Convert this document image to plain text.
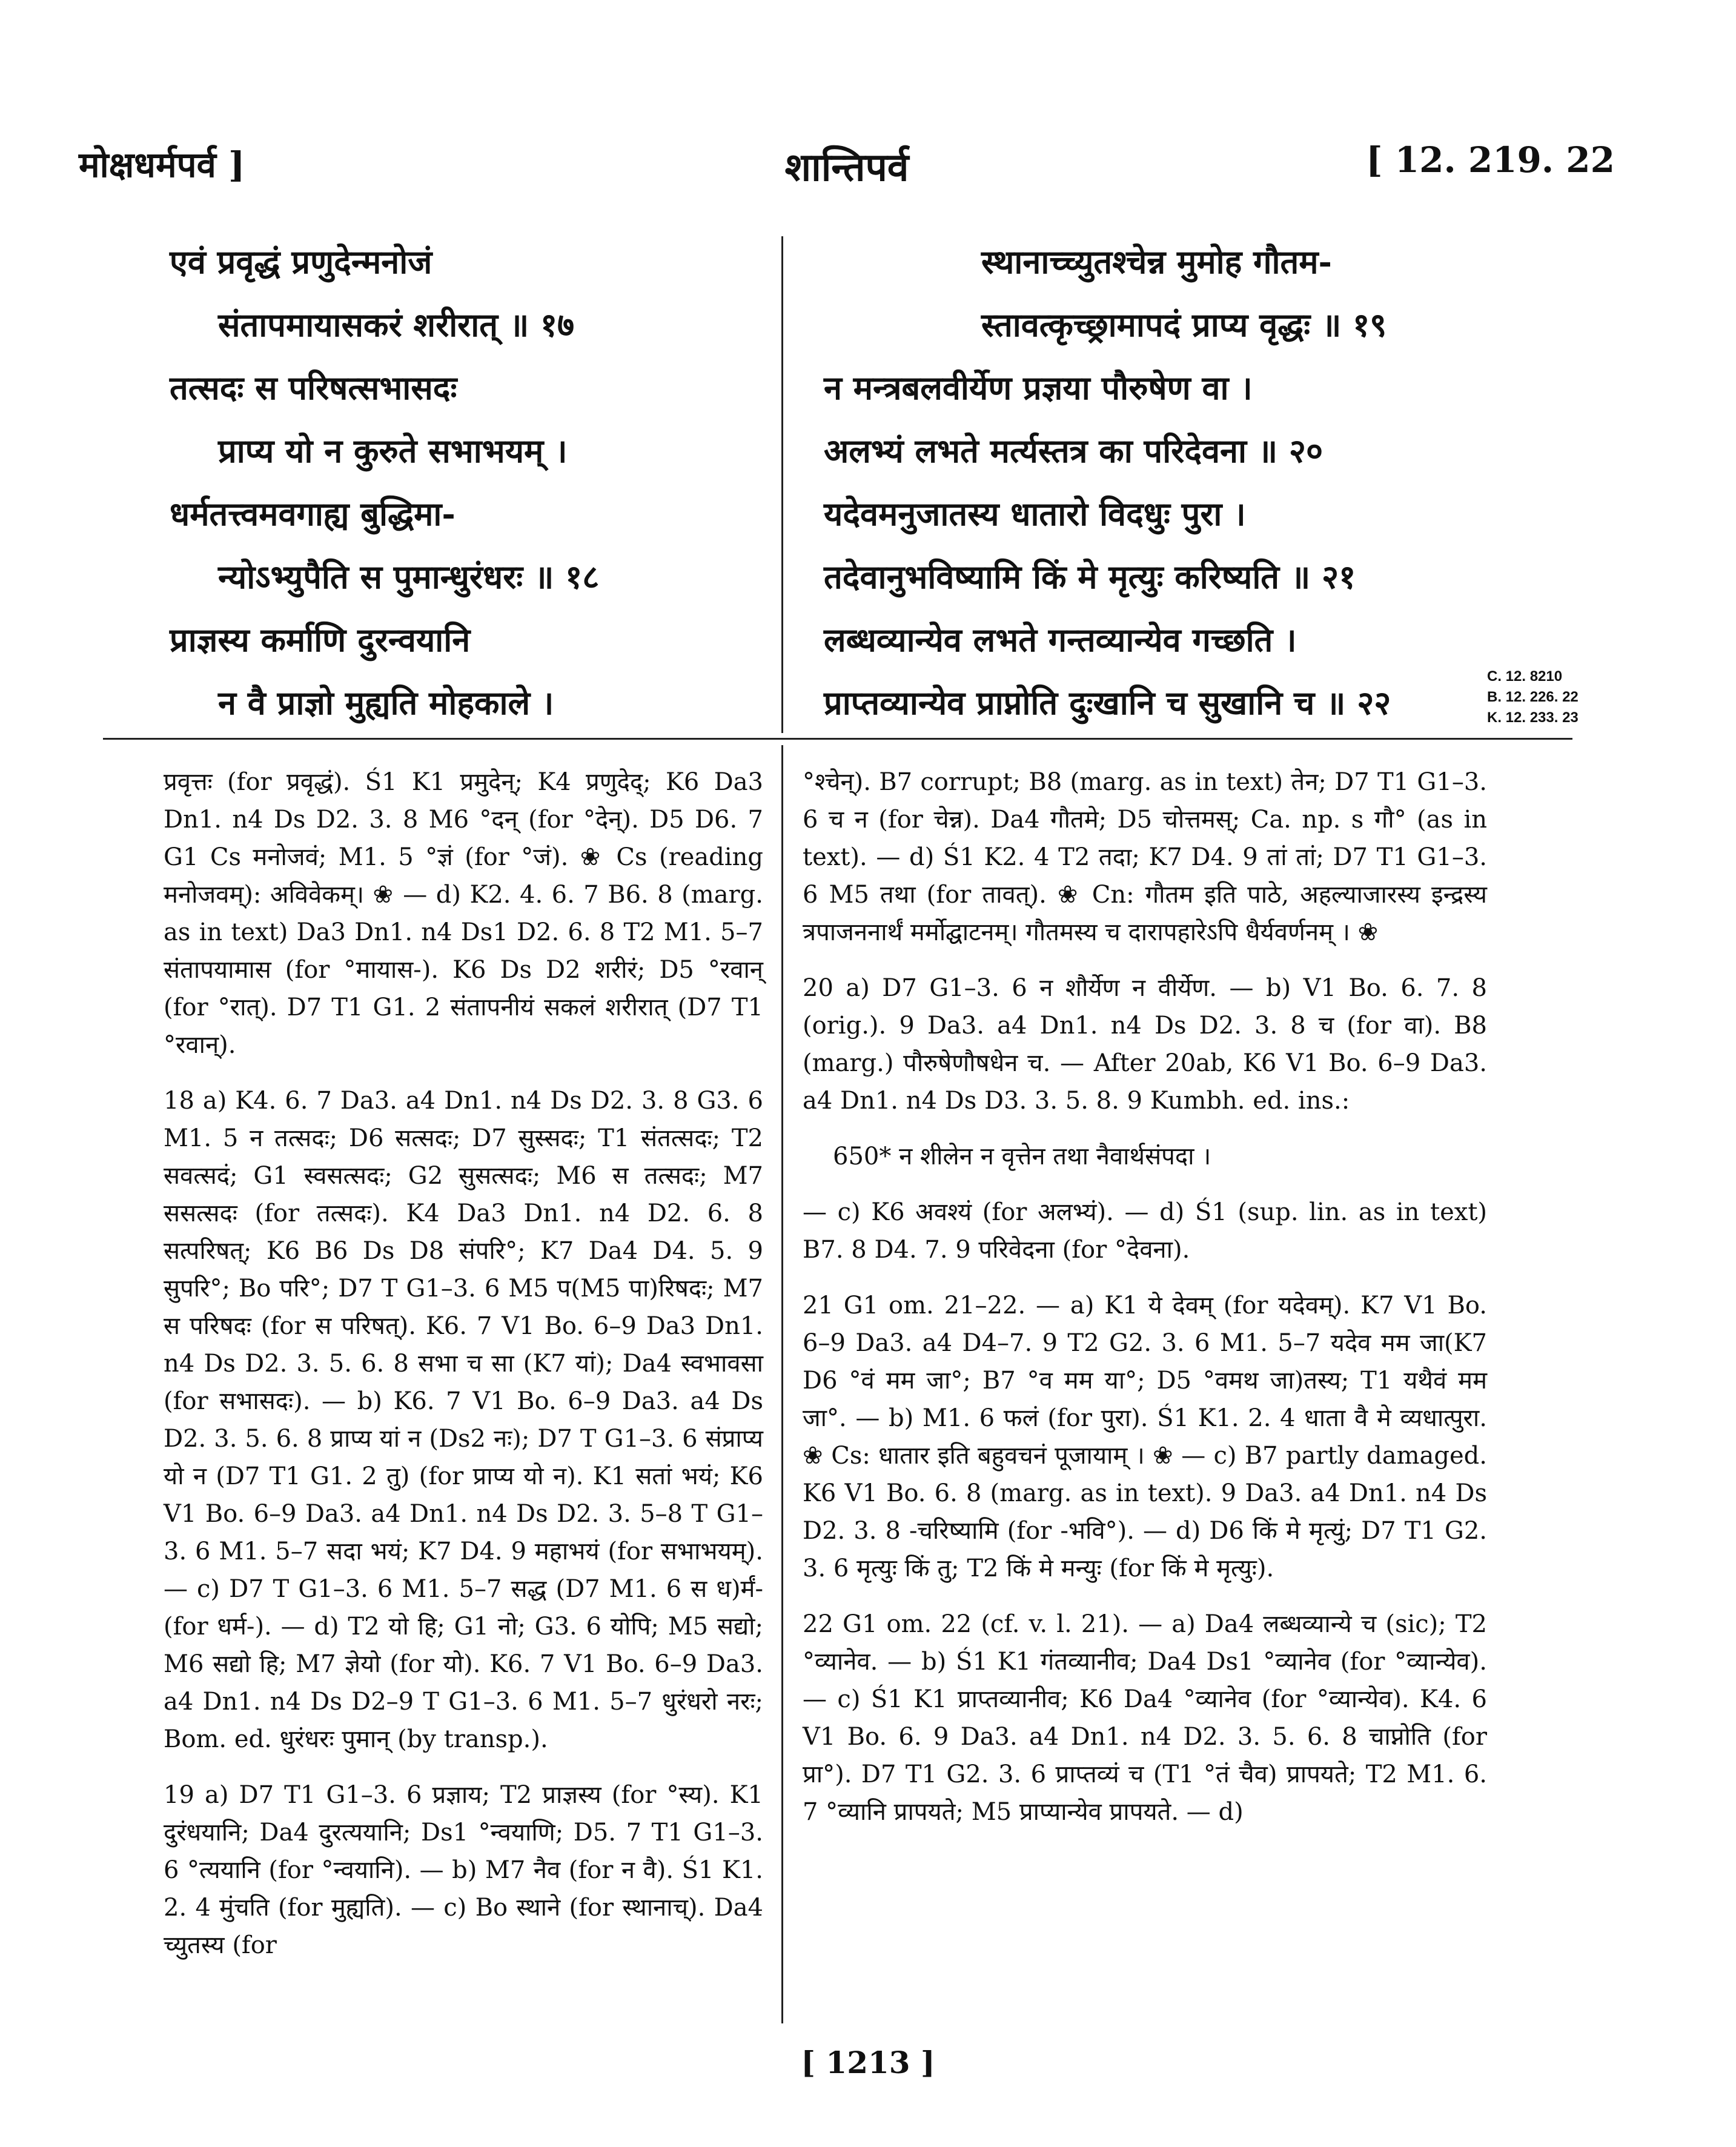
मोक्षधर्मपर्व ]	शान्तिपर्व	[ 12. 219. 22
एवं प्रवृद्धं प्रणुदेन्मनोजं
संतापमायासकरं शरीरात् ॥ १७
तत्सदः स परिषत्सभासदः
प्राप्य यो न कुरुते सभाभयम् ।
धर्मतत्त्वमवगाह्य बुद्धिमा-
न्योऽभ्युपैति स पुमान्धुरंधरः ॥ १८
प्राज्ञस्य कर्माणि दुरन्वयानि
न वै प्राज्ञो मुह्यति मोहकाले ।
स्थानाच्च्युतश्चेन्न मुमोह गौतम-
स्तावत्कृच्छ्रामापदं प्राप्य वृद्धः ॥ १९
न मन्त्रबलवीर्येण प्रज्ञया पौरुषेण वा ।
अलभ्यं लभते मर्त्यस्तत्र का परिदेवना ॥ २०
यदेवमनुजातस्य धातारो विदधुः पुरा ।
तदेवानुभविष्यामि किं मे मृत्युः करिष्यति ॥ २१
लब्धव्यान्येव लभते गन्तव्यान्येव गच्छति ।
प्राप्तव्यान्येव प्राप्नोति दुःखानि च सुखानि च ॥ २२
C. 12. 8210
B. 12. 226. 22
K. 12. 233. 23

प्रवृत्तः (for प्रवृद्धं). Ś1 K1 प्रमुदेन्; K4 प्रणुदेद्; K6 Da3 Dn1. n4 Ds D2. 3. 8 M6 °दन् (for °देन्). D5 D6. 7 G1 Cs मनोजवं; M1. 5 °ज्ञं (for °जं). ❀ Cs (reading मनोजवम्): अविवेकम्। ❀ — d) K2. 4. 6. 7 B6. 8 (marg. as in text) Da3 Dn1. n4 Ds1 D2. 6. 8 T2 M1. 5–7 संतापयामास (for °मायास-). K6 Ds D2 शरीरं; D5 °रवान् (for °रात्). D7 T1 G1. 2 संतापनीयं सकलं शरीरात् (D7 T1 °रवान्).

18 a) K4. 6. 7 Da3. a4 Dn1. n4 Ds D2. 3. 8 G3. 6 M1. 5 न तत्सदः; D6 सत्सदः; D7 सुस्सदः; T1 संतत्सदः; T2 सवत्सदं; G1 स्वसत्सदः; G2 सुसत्सदः; M6 स तत्सदः; M7 ससत्सदः (for तत्सदः). K4 Da3 Dn1. n4 D2. 6. 8 सत्परिषत्; K6 B6 Ds D8 संपरि°; K7 Da4 D4. 5. 9 सुपरि°; Bo परि°; D7 T G1–3. 6 M5 प(M5 पा)रिषदः; M7 स परिषदः (for स परिषत्). K6. 7 V1 Bo. 6–9 Da3 Dn1. n4 Ds D2. 3. 5. 6. 8 सभा च सा (K7 यां); Da4 स्वभावसा (for सभासदः). — b) K6. 7 V1 Bo. 6–9 Da3. a4 Ds D2. 3. 5. 6. 8 प्राप्य यां न (Ds2 नः); D7 T G1–3. 6 संप्राप्य यो न (D7 T1 G1. 2 तु) (for प्राप्य यो न). K1 सतां भयं; K6 V1 Bo. 6–9 Da3. a4 Dn1. n4 Ds D2. 3. 5–8 T G1–3. 6 M1. 5–7 सदा भयं; K7 D4. 9 महाभयं (for सभाभयम्). — c) D7 T G1–3. 6 M1. 5–7 सद्ध (D7 M1. 6 स ध)र्मं- (for धर्म-). — d) T2 यो हि; G1 नो; G3. 6 योपि; M5 सद्यो; M6 सद्यो हि; M7 ज्ञेयो (for यो). K6. 7 V1 Bo. 6–9 Da3. a4 Dn1. n4 Ds D2–9 T G1–3. 6 M1. 5–7 धुरंधरो नरः; Bom. ed. धुरंधरः पुमान् (by transp.).

19 a) D7 T1 G1–3. 6 प्रज्ञाय; T2 प्राज्ञस्य (for °स्य). K1 दुरंधयानि; Da4 दुरत्ययानि; Ds1 °न्वयाणि; D5. 7 T1 G1–3. 6 °त्ययानि (for °न्वयानि). — b) M7 नैव (for न वै). Ś1 K1. 2. 4 मुंचति (for मुह्यति). — c) Bo स्थाने (for स्थानाच्). Da4 च्युतस्य (for

°श्चेन्). B7 corrupt; B8 (marg. as in text) तेन; D7 T1 G1–3. 6 च न (for चेन्न). Da4 गौतमे; D5 चोत्तमस्; Ca. np. s गौ° (as in text). — d) Ś1 K2. 4 T2 तदा; K7 D4. 9 तां तां; D7 T1 G1–3. 6 M5 तथा (for तावत्). ❀ Cn: गौतम इति पाठे, अहल्याजारस्य इन्द्रस्य त्रपाजननार्थं मर्मोद्घाटनम्। गौतमस्य च दारापहारेऽपि धैर्यवर्णनम् । ❀

20 a) D7 G1–3. 6 न शौर्येण न वीर्येण. — b) V1 Bo. 6. 7. 8 (orig.). 9 Da3. a4 Dn1. n4 Ds D2. 3. 8 च (for वा). B8 (marg.) पौरुषेणौषधेन च. — After 20ab, K6 V1 Bo. 6–9 Da3. a4 Dn1. n4 Ds D3. 3. 5. 8. 9 Kumbh. ed. ins.:

650* न शीलेन न वृत्तेन तथा नैवार्थसंपदा ।

— c) K6 अवश्यं (for अलभ्यं). — d) Ś1 (sup. lin. as in text) B7. 8 D4. 7. 9 परिवेदना (for °देवना).

21 G1 om. 21–22. — a) K1 ये देवम् (for यदेवम्). K7 V1 Bo. 6–9 Da3. a4 D4–7. 9 T2 G2. 3. 6 M1. 5–7 यदेव मम जा(K7 D6 °वं मम जा°; B7 °व मम या°; D5 °वमथ जा)तस्य; T1 यथैवं मम जा°. — b) M1. 6 फलं (for पुरा). Ś1 K1. 2. 4 धाता वै मे व्यधात्पुरा. ❀ Cs: धातार इति बहुवचनं पूजायाम् । ❀ — c) B7 partly damaged. K6 V1 Bo. 6. 8 (marg. as in text). 9 Da3. a4 Dn1. n4 Ds D2. 3. 8 -चरिष्यामि (for -भवि°). — d) D6 किं मे मृत्युं; D7 T1 G2. 3. 6 मृत्युः किं तु; T2 किं मे मन्युः (for किं मे मृत्युः).

22 G1 om. 22 (cf. v. l. 21). — a) Da4 लब्धव्यान्ये च (sic); T2 °व्यानेव. — b) Ś1 K1 गंतव्यानीव; Da4 Ds1 °व्यानेव (for °व्यान्येव). — c) Ś1 K1 प्राप्तव्यानीव; K6 Da4 °व्यानेव (for °व्यान्येव). K4. 6 V1 Bo. 6. 9 Da3. a4 Dn1. n4 D2. 3. 5. 6. 8 चाप्नोति (for प्रा°). D7 T1 G2. 3. 6 प्राप्तव्यं च (T1 °तं चैव) प्रापयते; T2 M1. 6. 7 °व्यानि प्रापयते; M5 प्राप्यान्येव प्रापयते. — d)

[ 1213 ]
